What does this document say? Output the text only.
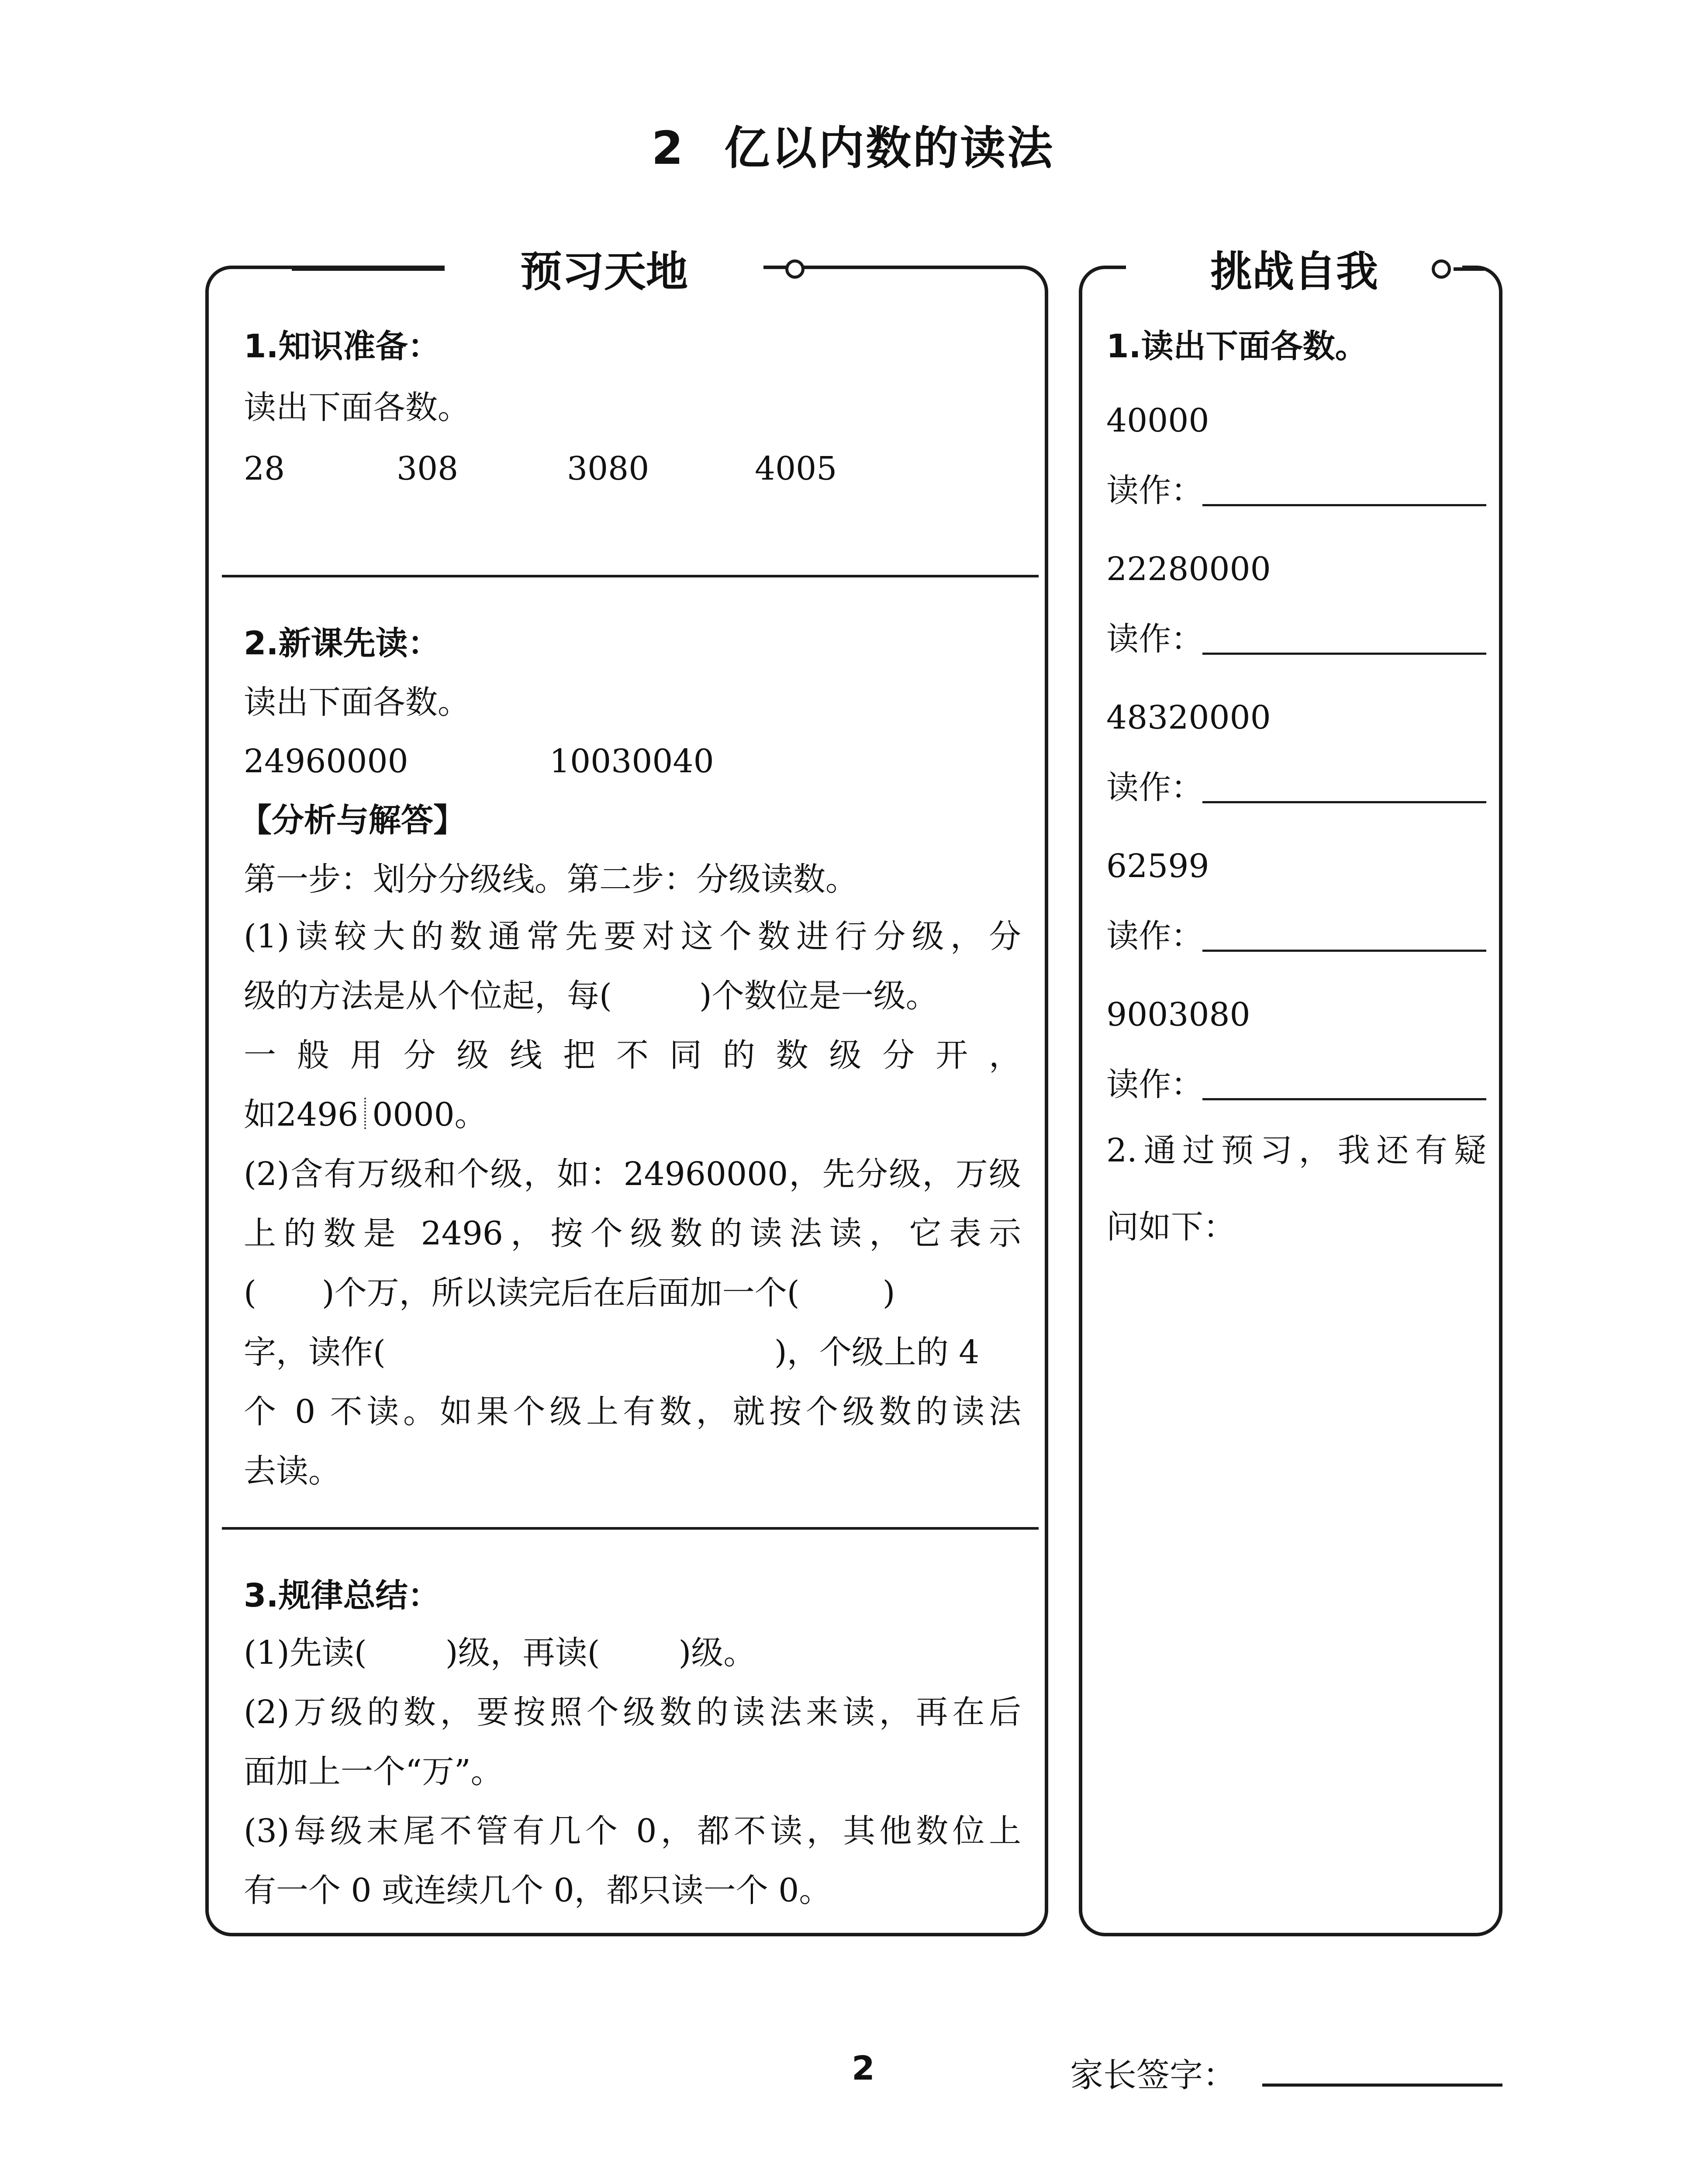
2 亿以内数的读法
预习天地
1.知识准备：
读出下面各数。
28	308	3080	4005
2.新课先读：
读出下面各数。
24960000	10030040
【分析与解答】
第一步：划分分级线。第二步：分级读数。
(1)读较大的数通常先要对这个数进行分级，分
级的方法是从个位起，每(	)个数位是一级。
一般用分级线把不同的数级分开，
如2496 0000。
(2)含有万级和个级，如：24960000，先分级，万级
上的数是 2496，按个级数的读法读，它表示
( )个万，所以读完后在后面加一个(	)
字，读作(	)，个级上的 4
个 0 不读。如果个级上有数，就按个级数的读法
去读。
3.规律总结：
(1)先读( )级，再读( )级。
(2)万级的数，要按照个级数的读法来读，再在后
面加上一个“万”。
(3)每级末尾不管有几个 0，都不读，其他数位上
有一个 0 或连续几个 0，都只读一个 0。
挑战自我
1.读出下面各数。
40000
读作：
22280000
读作：
48320000
读作：
62599
读作：
9003080
读作：
2.通过预习，我还有疑
问如下：
2	家长签字：
